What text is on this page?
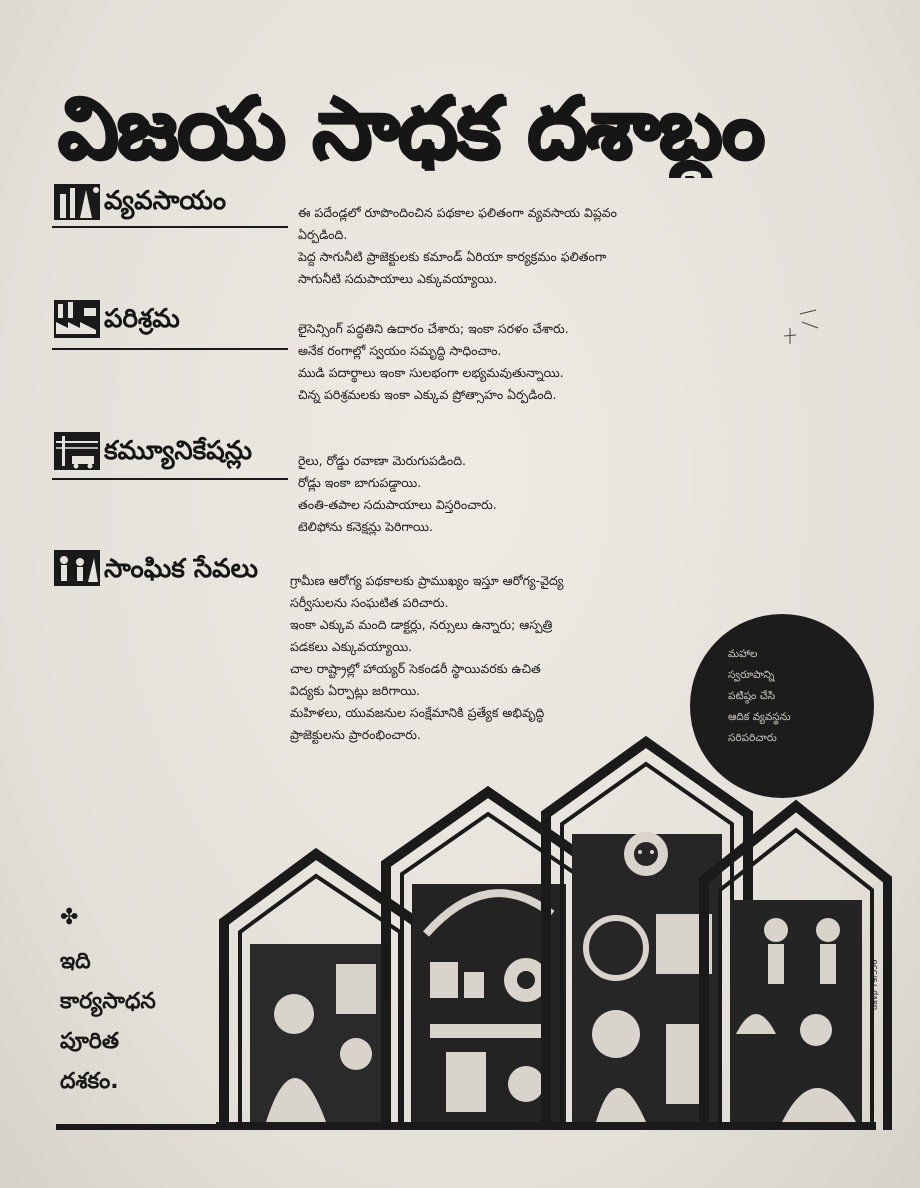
విజయ సాధక దశాబ్దం
వ్యవసాయం	ఈ పదేండ్లలో రూపొందించిన పథకాల ఫలితంగా వ్యవసాయ విప్లవం

ఏర్పడింది.

పెద్ద సాగునీటి ప్రాజెక్టులకు కమాండ్ ఏరియా కార్యక్రమం ఫలితంగా

సాగునీటి సదుపాయాలు ఎక్కువయ్యాయి.

పరిశ్రమ	లైసెన్సింగ్ పద్ధతిని ఉదారం చేశారు; ఇంకా సరళం చేశారు.

అనేక రంగాల్లో స్వయం సమృద్ధి సాధించాం.

ముడి పదార్థాలు ఇంకా సులభంగా లభ్యమవుతున్నాయి.

చిన్న పరిశ్రమలకు ఇంకా ఎక్కువ ప్రోత్సాహం ఏర్పడింది.

కమ్యూనికేషన్లు	రైలు, రోడ్డు రవాణా మెరుగుపడింది.

రోడ్లు ఇంకా బాగుపడ్డాయి.

తంతి-తపాల సదుపాయాలు విస్తరించారు.

టెలిఫోను కనెక్షన్లు పెరిగాయి.

సాంఘిక సేవలు	గ్రామీణ ఆరోగ్య పథకాలకు ప్రాముఖ్యం ఇస్తూ ఆరోగ్య-వైద్య

సర్వీసులను సంఘటిత పరిచారు.

ఇంకా ఎక్కువ మంది డాక్టర్లు, నర్సులు ఉన్నారు; ఆస్పత్రి

పడకలు ఎక్కువయ్యాయి.

చాల రాష్ట్రాల్లో హాయ్యర్ సెకండరీ స్థాయివరకు ఉచిత

విద్యకు ఏర్పాట్లు జరిగాయి.

మహిళలు, యువజనుల సంక్షేమానికి ప్రత్యేక అభివృద్ధి

ప్రాజెక్టులను ప్రారంభించారు.

మహాల

స్వరూపాన్ని

పటిష్ఠం చేసి

ఆదిక వ్యవస్థను

సరిపరిచారు

✤

ఇది

కార్యసాధన

పూరిత

దశకం.

davp 79/556
